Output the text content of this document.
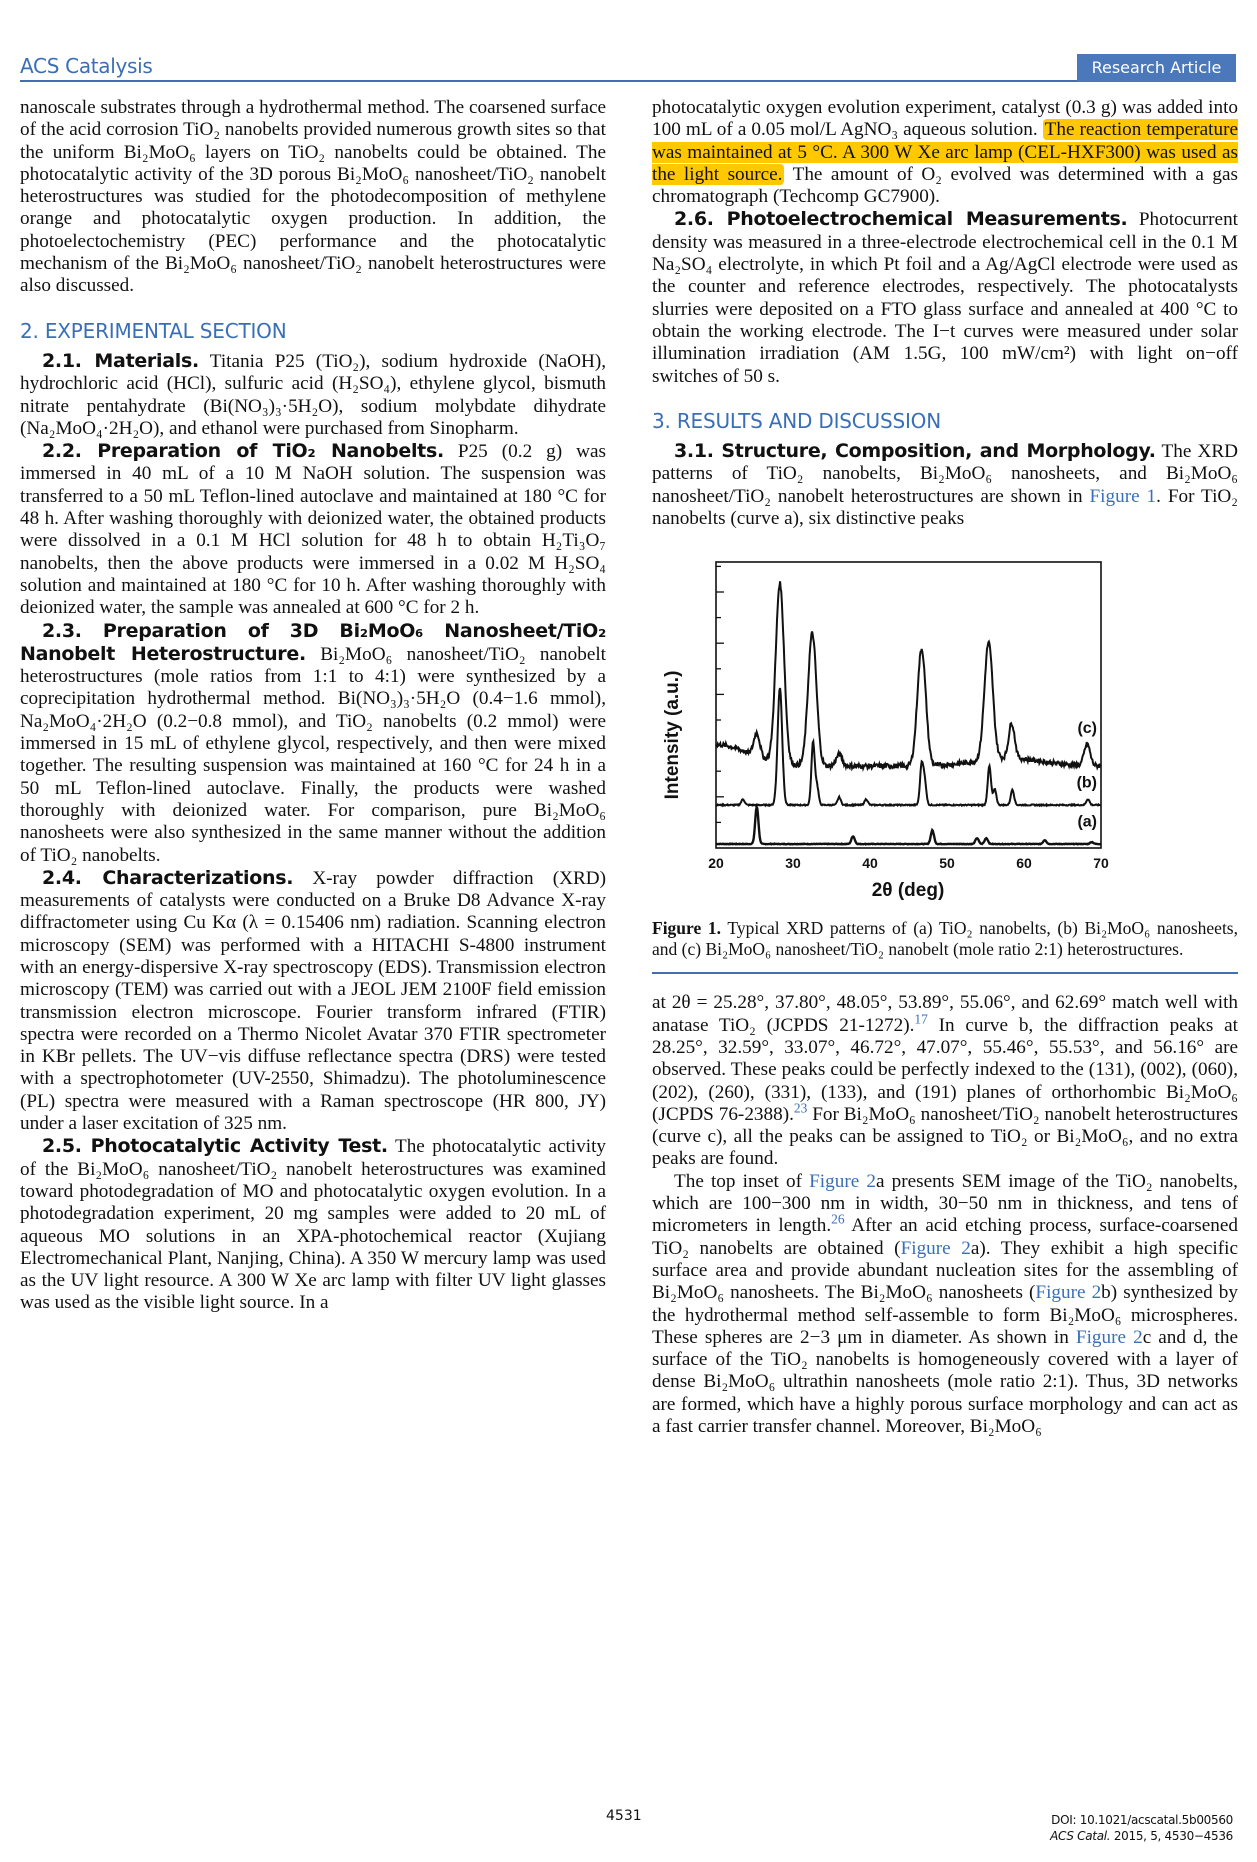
ACS Catalysis	Research Article

nanoscale substrates through a hydrothermal method. The coarsened surface of the acid corrosion TiO₂ nanobelts provided numerous growth sites so that the uniform Bi₂MoO₆ layers on TiO₂ nanobelts could be obtained. The photocatalytic activity of the 3D porous Bi₂MoO₆ nanosheet/TiO₂ nanobelt heterostructures was studied for the photodecomposition of methylene orange and photocatalytic oxygen production. In addition, the photoelectochemistry (PEC) performance and the photocatalytic mechanism of the Bi₂MoO₆ nanosheet/TiO₂ nanobelt heterostructures were also discussed.

2. EXPERIMENTAL SECTION

2.1. Materials. Titania P25 (TiO₂), sodium hydroxide (NaOH), hydrochloric acid (HCl), sulfuric acid (H₂SO₄), ethylene glycol, bismuth nitrate pentahydrate (Bi(NO₃)₃·5H₂O), sodium molybdate dihydrate (Na₂MoO₄·2H₂O), and ethanol were purchased from Sinopharm.

2.2. Preparation of TiO₂ Nanobelts. P25 (0.2 g) was immersed in 40 mL of a 10 M NaOH solution. The suspension was transferred to a 50 mL Teflon-lined autoclave and maintained at 180 °C for 48 h. After washing thoroughly with deionized water, the obtained products were dissolved in a 0.1 M HCl solution for 48 h to obtain H₂Ti₃O₇ nanobelts, then the above products were immersed in a 0.02 M H₂SO₄ solution and maintained at 180 °C for 10 h. After washing thoroughly with deionized water, the sample was annealed at 600 °C for 2 h.

2.3. Preparation of 3D Bi₂MoO₆ Nanosheet/TiO₂ Nanobelt Heterostructure. Bi₂MoO₆ nanosheet/TiO₂ nanobelt heterostructures (mole ratios from 1:1 to 4:1) were synthesized by a coprecipitation hydrothermal method. Bi(NO₃)₃·5H₂O (0.4−1.6 mmol), Na₂MoO₄·2H₂O (0.2−0.8 mmol), and TiO₂ nanobelts (0.2 mmol) were immersed in 15 mL of ethylene glycol, respectively, and then were mixed together. The resulting suspension was maintained at 160 °C for 24 h in a 50 mL Teflon-lined autoclave. Finally, the products were washed thoroughly with deionized water. For comparison, pure Bi₂MoO₆ nanosheets were also synthesized in the same manner without the addition of TiO₂ nanobelts.

2.4. Characterizations. X-ray powder diffraction (XRD) measurements of catalysts were conducted on a Bruke D8 Advance X-ray diffractometer using Cu Kα (λ = 0.15406 nm) radiation. Scanning electron microscopy (SEM) was performed with a HITACHI S-4800 instrument with an energy-dispersive X-ray spectroscopy (EDS). Transmission electron microscopy (TEM) was carried out with a JEOL JEM 2100F field emission transmission electron microscope. Fourier transform infrared (FTIR) spectra were recorded on a Thermo Nicolet Avatar 370 FTIR spectrometer in KBr pellets. The UV−vis diffuse reflectance spectra (DRS) were tested with a spectrophotometer (UV-2550, Shimadzu). The photoluminescence (PL) spectra were measured with a Raman spectroscope (HR 800, JY) under a laser excitation of 325 nm.

2.5. Photocatalytic Activity Test. The photocatalytic activity of the Bi₂MoO₆ nanosheet/TiO₂ nanobelt heterostructures was examined toward photodegradation of MO and photocatalytic oxygen evolution. In a photodegradation experiment, 20 mg samples were added to 20 mL of aqueous MO solutions in an XPA-photochemical reactor (Xujiang Electromechanical Plant, Nanjing, China). A 350 W mercury lamp was used as the UV light resource. A 300 W Xe arc lamp with filter UV light glasses was used as the visible light source. In a

photocatalytic oxygen evolution experiment, catalyst (0.3 g) was added into 100 mL of a 0.05 mol/L AgNO₃ aqueous solution. The reaction temperature was maintained at 5 °C. A 300 W Xe arc lamp (CEL-HXF300) was used as the light source. The amount of O₂ evolved was determined with a gas chromatograph (Techcomp GC7900).

2.6. Photoelectrochemical Measurements. Photocurrent density was measured in a three-electrode electrochemical cell in the 0.1 M Na₂SO₄ electrolyte, in which Pt foil and a Ag/AgCl electrode were used as the counter and reference electrodes, respectively. The photocatalysts slurries were deposited on a FTO glass surface and annealed at 400 °C to obtain the working electrode. The I−t curves were measured under solar illumination irradiation (AM 1.5G, 100 mW/cm²) with light on−off switches of 50 s.

3. RESULTS AND DISCUSSION

3.1. Structure, Composition, and Morphology. The XRD patterns of TiO₂ nanobelts, Bi₂MoO₆ nanosheets, and Bi₂MoO₆ nanosheet/TiO₂ nanobelt heterostructures are shown in Figure 1. For TiO₂ nanobelts (curve a), six distinctive peaks

Intensity (a.u.)
20	30	40	50	60	70
(a)
(b)
(c)
2θ (deg)

Figure 1. Typical XRD patterns of (a) TiO₂ nanobelts, (b) Bi₂MoO₆ nanosheets, and (c) Bi₂MoO₆ nanosheet/TiO₂ nanobelt (mole ratio 2:1) heterostructures.

at 2θ = 25.28°, 37.80°, 48.05°, 53.89°, 55.06°, and 62.69° match well with anatase TiO₂ (JCPDS 21-1272).$^{17}$ In curve b, the diffraction peaks at 28.25°, 32.59°, 33.07°, 46.72°, 47.07°, 55.46°, 55.53°, and 56.16° are observed. These peaks could be perfectly indexed to the (131), (002), (060), (202), (260), (331), (133), and (191) planes of orthorhombic Bi₂MoO₆ (JCPDS 76-2388).$^{23}$ For Bi₂MoO₆ nanosheet/TiO₂ nanobelt heterostructures (curve c), all the peaks can be assigned to TiO₂ or Bi₂MoO₆, and no extra peaks are found.

The top inset of Figure 2a presents SEM image of the TiO₂ nanobelts, which are 100−300 nm in width, 30−50 nm in thickness, and tens of micrometers in length.$^{26}$ After an acid etching process, surface-coarsened TiO₂ nanobelts are obtained (Figure 2a). They exhibit a high specific surface area and provide abundant nucleation sites for the assembling of Bi₂MoO₆ nanosheets. The Bi₂MoO₆ nanosheets (Figure 2b) synthesized by the hydrothermal method self-assemble to form Bi₂MoO₆ microspheres. These spheres are 2−3 μm in diameter. As shown in Figure 2c and d, the surface of the TiO₂ nanobelts is homogeneously covered with a layer of dense Bi₂MoO₆ ultrathin nanosheets (mole ratio 2:1). Thus, 3D networks are formed, which have a highly porous surface morphology and can act as a fast carrier transfer channel. Moreover, Bi₂MoO₆

4531	DOI: 10.1021/acscatal.5b00560
ACS Catal. 2015, 5, 4530−4536
